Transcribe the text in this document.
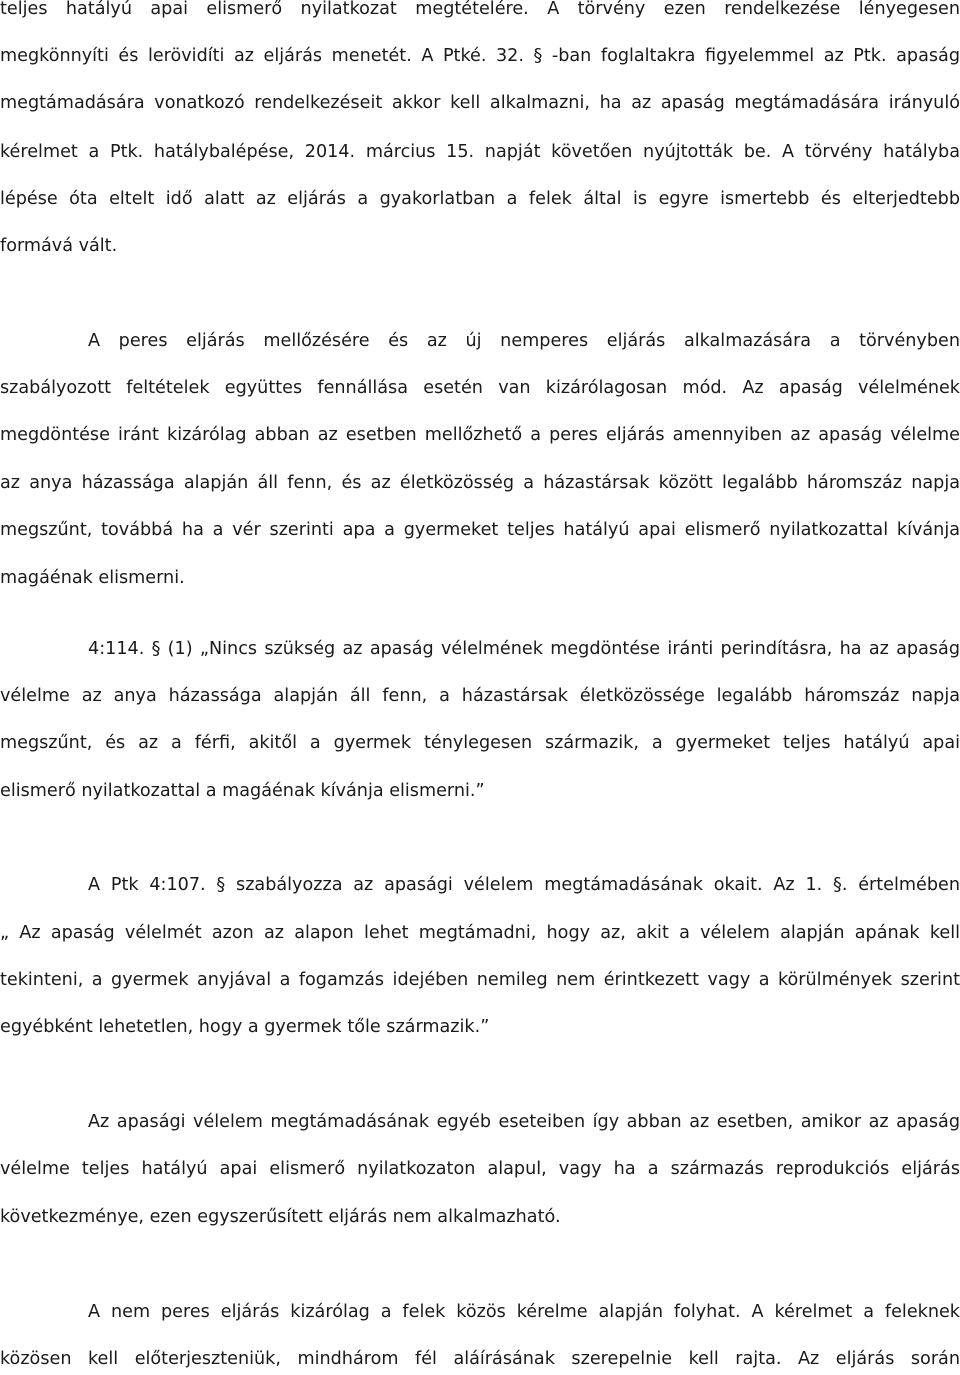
teljes hatályú apai elismerő nyilatkozat megtételére. A törvény ezen rendelkezése lényegesen
megkönnyíti és lerövidíti az eljárás menetét. A Ptké. 32. § -ban foglaltakra figyelemmel az Ptk. apaság
megtámadására vonatkozó rendelkezéseit akkor kell alkalmazni, ha az apaság megtámadására irányuló
kérelmet a Ptk. hatálybalépése, 2014. március 15. napját követően nyújtották be. A törvény hatályba
lépése óta eltelt idő alatt az eljárás a gyakorlatban a felek által is egyre ismertebb és elterjedtebb
formává vált.
A peres eljárás mellőzésére és az új nemperes eljárás alkalmazására a törvényben
szabályozott feltételek együttes fennállása esetén van kizárólagosan mód. Az apaság vélelmének
megdöntése iránt kizárólag abban az esetben mellőzhető a peres eljárás amennyiben az apaság vélelme
az anya házassága alapján áll fenn, és az életközösség a házastársak között legalább háromszáz napja
megszűnt, továbbá ha a vér szerinti apa a gyermeket teljes hatályú apai elismerő nyilatkozattal kívánja
magáénak elismerni.
4:114. § (1) „Nincs szükség az apaság vélelmének megdöntése iránti perindításra, ha az apaság
vélelme az anya házassága alapján áll fenn, a házastársak életközössége legalább háromszáz napja
megszűnt, és az a férfi, akitől a gyermek ténylegesen származik, a gyermeket teljes hatályú apai
elismerő nyilatkozattal a magáénak kívánja elismerni.”
A Ptk 4:107. § szabályozza az apasági vélelem megtámadásának okait. Az 1. §. értelmében
„ Az apaság vélelmét azon az alapon lehet megtámadni, hogy az, akit a vélelem alapján apának kell
tekinteni, a gyermek anyjával a fogamzás idejében nemileg nem érintkezett vagy a körülmények szerint
egyébként lehetetlen, hogy a gyermek tőle származik.”
Az apasági vélelem megtámadásának egyéb eseteiben így abban az esetben, amikor az apaság
vélelme teljes hatályú apai elismerő nyilatkozaton alapul, vagy ha a származás reprodukciós eljárás
következménye, ezen egyszerűsített eljárás nem alkalmazható.
A nem peres eljárás kizárólag a felek közös kérelme alapján folyhat. A kérelmet a feleknek
közösen kell előterjeszteniük, mindhárom fél aláírásának szerepelnie kell rajta. Az eljárás során
